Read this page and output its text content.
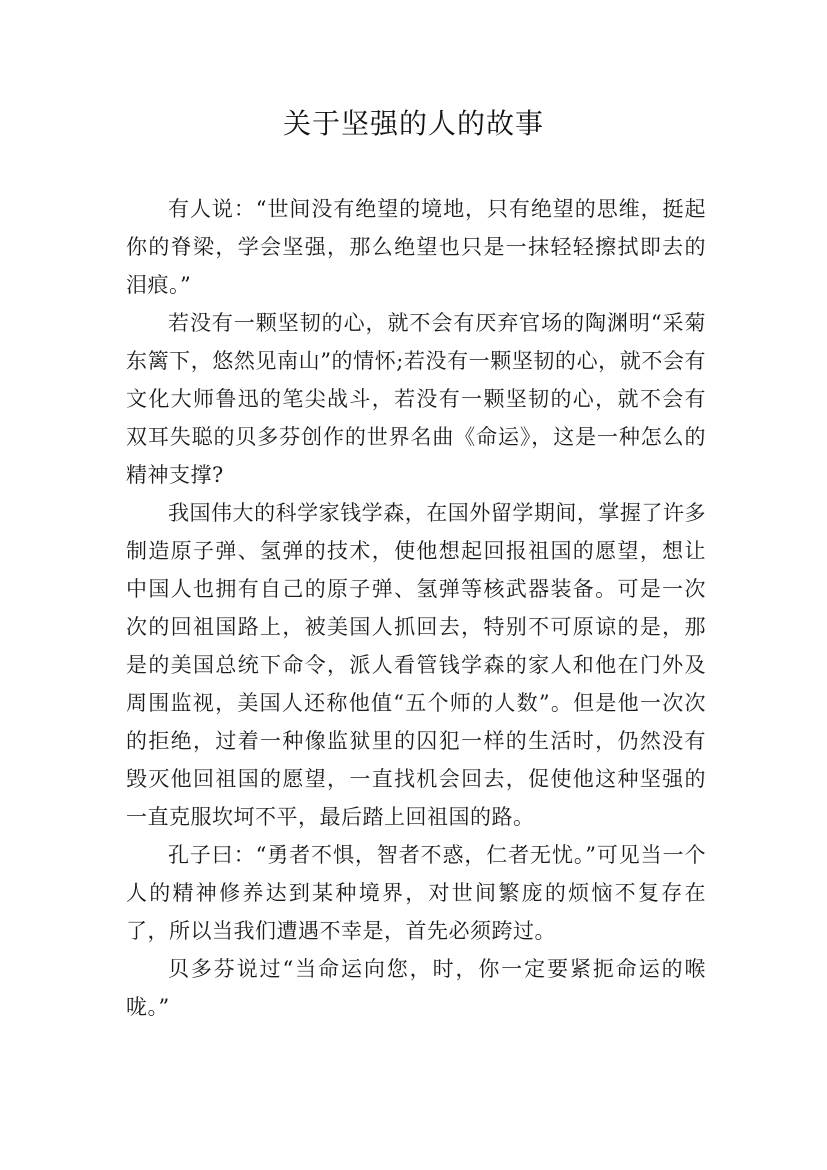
关于坚强的人的故事

有人说：“世间没有绝望的境地，只有绝望的思维，挺起你的脊梁，学会坚强，那么绝望也只是一抹轻轻擦拭即去的泪痕。”

若没有一颗坚韧的心，就不会有厌弃官场的陶渊明“采菊东篱下，悠然见南山”的情怀;若没有一颗坚韧的心，就不会有文化大师鲁迅的笔尖战斗，若没有一颗坚韧的心，就不会有双耳失聪的贝多芬创作的世界名曲《命运》，这是一种怎么的精神支撑?

我国伟大的科学家钱学森，在国外留学期间，掌握了许多制造原子弹、氢弹的技术，使他想起回报祖国的愿望，想让中国人也拥有自己的原子弹、氢弹等核武器装备。可是一次次的回祖国路上，被美国人抓回去，特别不可原谅的是，那是的美国总统下命令，派人看管钱学森的家人和他在门外及周围监视，美国人还称他值“五个师的人数”。但是他一次次的拒绝，过着一种像监狱里的囚犯一样的生活时，仍然没有毁灭他回祖国的愿望，一直找机会回去，促使他这种坚强的一直克服坎坷不平，最后踏上回祖国的路。

孔子曰：“勇者不惧，智者不惑，仁者无忧。”可见当一个人的精神修养达到某种境界，对世间繁庞的烦恼不复存在了，所以当我们遭遇不幸是，首先必须跨过。

贝多芬说过“当命运向您，时，你一定要紧扼命运的喉咙。”
